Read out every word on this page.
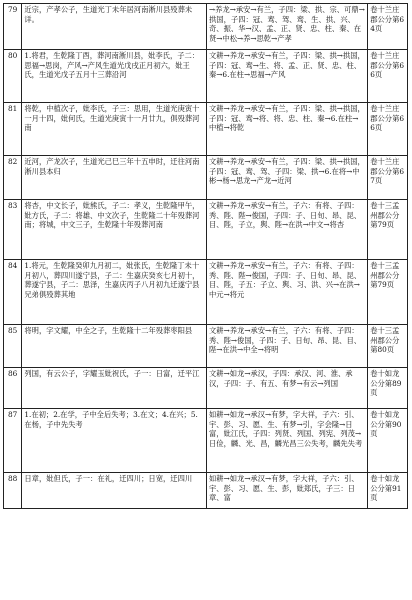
79	近宗，产孝公子，生道光丁未年居河南淅川县殁葬未详。	→养龙→承安→有兰，子四：梁、拱、宗、可鼎→拱国，子四：冠、鸾、驾、鸾、生、拱、兴、奇、振、华→汉、孟、正、贤、忠、柱、秦、在贤→中松→养→思乾→产孝	卷十兰庄郡公分第64页
80	1.将君，生乾隆丁酉，葬河南淅川县，妣李氏，子二：思福→思岗，产风→产风生道光戊戌正月初六，妣王氏，生道光戊子五月十三葬沿河	文耕→养龙→承安→有兰，子四：梁、拱→拱国，子四：冠、鸾→生、将、孟、正、贤、忠、柱、秦→6.在柱→思福→产风	卷十兰庄郡公分第66页
81	将乾，中植次子，妣李氏，子三：思用，生道光庚寅十一月十四，妣何氏，生道光庚寅十一月廿九，俱殁葬河南	文耕→养龙→承安→有兰，子四：梁、拱→拱国，子四：冠、鸾→将、将、忠、柱、秦→6.在柱→中植→将乾	卷十兰庄郡公分第66页
82	近河，产龙次子，生道光己巳三年十五申时，迁往河南淅川县本归	文耕→养龙→承安→有兰，子四：梁、拱→拱国，子四：冠、鸾、驾、子四：梁、拱→6.在将→中彬→杨→思龙→产龙→近河	卷十兰庄郡公分第67页
83	将杏，中文长子，妣熊氏，子二：孝义，生乾隆甲午，妣方氏，子二：将雄、中文次子，生乾隆二十年殁葬河南；将城，中文三子，生乾隆十年殁葬河南	文耕→养龙→承安→有兰，子六：有将、子四：秀、陛、陛→俊国，子四：子、日旬、昂、昆、目、陛，子立，舆、陛→在洪→中文→将杏	卷十三孟州郡公分第79页
84	1.将元，生乾隆癸卯九月初二，妣张氏，生乾隆丁未十月初八，葬四川遂宁县，子二：生嘉庆癸亥七月初十，葬遂宁县，子二：思泽，生嘉庆丙子八月初九迁遂宁县兄弟俱殁葬其地	文耕→养龙→承安→有兰，子六：有将、子四：秀、陛、陛→俊国，子四：子、日旬、昂、昆、目、陛，子五：子立、舆、习、洪、兴→在洪→中元→将元	卷十三孟州郡公分第79页
85	将明，字文耀，中全之子，生乾隆十二年殁葬枣阳县	文耕→养龙→承安→有兰，子六：有将、子四：秀、陛→俊国，子四：子、日旬、昂、昆、目、陛→在洪→中全→将明	卷十三孟州郡公分第80页
86	列国，有云公子，字耀玉妣祝氏，子一：日富，迁平江	文耕→如龙→承汉，子四：承汉、河、淮、承汉，子四：子、有五、有梦→有云→列国	卷十如龙公分第89页
87	1.在初；2.在学，子中全后失考；3.在文；4.在兴；5.在杨，子中先失考	如耕→如龙→承汉→有梦，字大祥，子六：引、宇、彭、习、愿、生、有梦→引，字会隆→日富，妣江氏，子四：列贤、列国、列宪、列茂→日俭，麟、光、昌，麟光昌三公失考，麟先失考	卷十如龙公分第90页
88	日章，妣但氏，子一：在礼，迁四川；日宽，迁四川	如耕→如龙→承汉→有梦，字大祥，子六：引、宇、彭、习、愿、生、彭，妣郑氏，子三：日章、富	卷十如龙公分第91页
